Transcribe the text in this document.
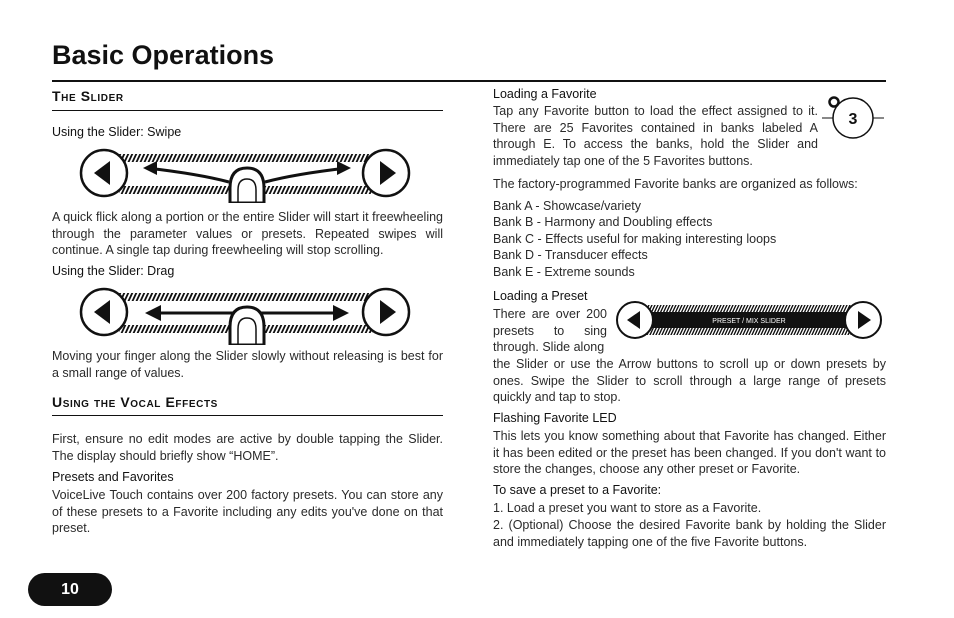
Basic Operations
The Slider
Using the Slider: Swipe
A quick flick along a portion or the entire Slider will start it freewheeling through the parameter values or presets. Repeated swipes will continue. A single tap during freewheeling will stop scrolling.
Using the Slider: Drag
Moving your finger along the Slider slowly without releasing is best for a small range of values.
Using the Vocal Effects
First, ensure no edit modes are active by double tapping the Slider. The display should briefly show “HOME”.
Presets and Favorites
VoiceLive Touch contains over 200 factory presets. You can store any of these presets to a Favorite including any edits you've done on that preset.
Loading a Favorite
Tap any Favorite button to load the effect assigned to it. There are 25 Favorites contained in banks labeled A through E. To access the banks, hold the Slider and immediately tap one of the 5 Favorites buttons.
3
The factory-programmed Favorite banks are organized as follows:
Bank A - Showcase/variety
Bank B - Harmony and Doubling effects
Bank C - Effects useful for making interesting loops
Bank D - Transducer effects
Bank E - Extreme sounds
Loading a Preset
There are over 200 presets to sing through. Slide along
PRESET / MIX SLIDER
the Slider or use the Arrow buttons to scroll up or down presets by ones. Swipe the Slider to scroll through a large range of presets quickly and tap to stop.
Flashing Favorite LED
This lets you know something about that Favorite has changed. Either it has been edited or the preset has been changed. If you don't want to store the changes, choose any other preset or Favorite.
To save a preset to a Favorite:
1. Load a preset you want to store as a Favorite.
2. (Optional) Choose the desired Favorite bank by holding the Slider and immediately tapping one of the five Favorite buttons.
10
